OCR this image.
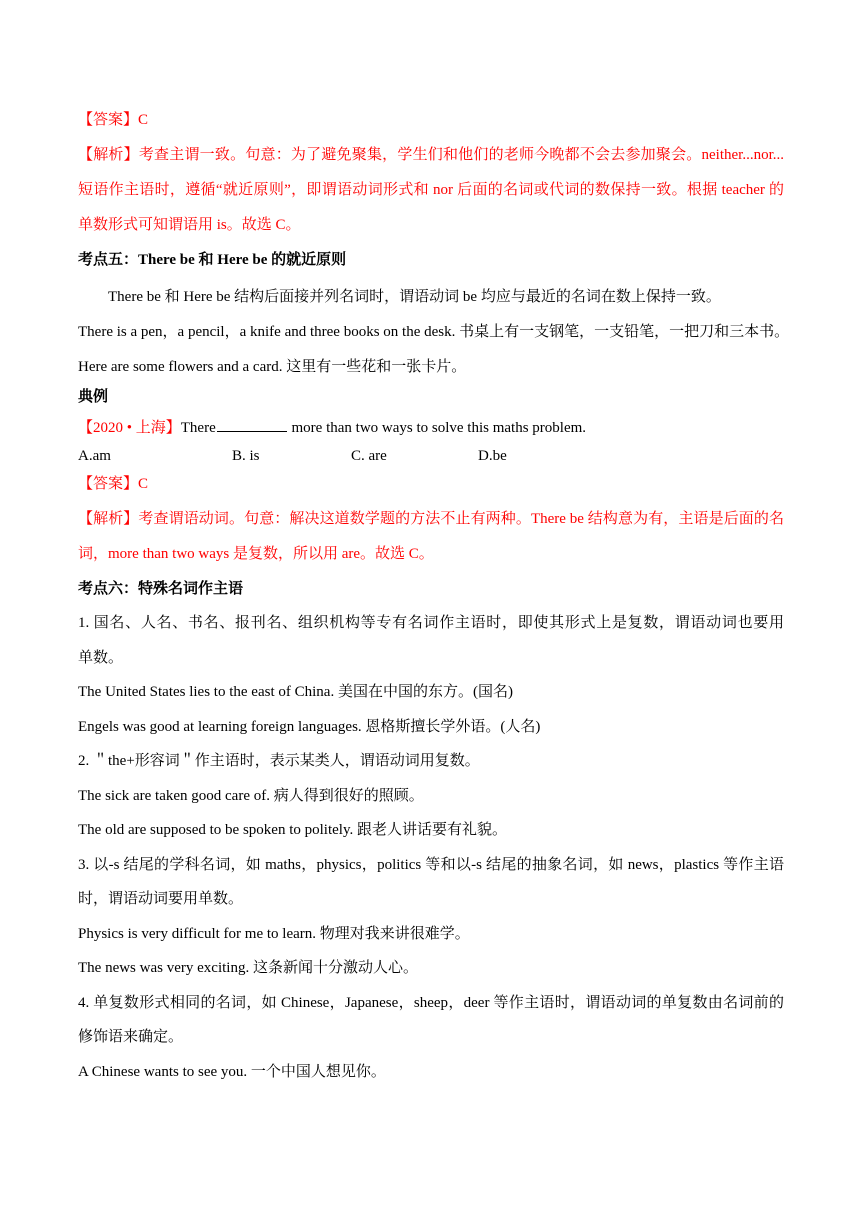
【答案】C
【解析】考查主谓一致。句意：为了避免聚集，学生们和他们的老师今晚都不会去参加聚会。neither...nor...
短语作主语时，遵循“就近原则”，即谓语动词形式和 nor 后面的名词或代词的数保持一致。根据 teacher 的
单数形式可知谓语用 is。故选 C。
考点五：There be 和 Here be 的就近原则
There be 和 Here be 结构后面接并列名词时，谓语动词 be 均应与最近的名词在数上保持一致。
There is a pen，a pencil，a knife and three books on the desk. 书桌上有一支钢笔，一支铅笔，一把刀和三本书。
Here are some flowers and a card. 这里有一些花和一张卡片。
典例
【2020 • 上海】There	more than two ways to solve this maths problem.
A.am	B. is	C. are	D.be
【答案】C
【解析】考查谓语动词。句意：解决这道数学题的方法不止有两种。There be 结构意为有，主语是后面的名
词，more than two ways 是复数，所以用 are。故选 C。
考点六：特殊名词作主语
1. 国名、人名、书名、报刊名、组织机构等专有名词作主语时，即使其形式上是复数，谓语动词也要用
单数。
The United States lies to the east of China. 美国在中国的东方。(国名)
Engels was good at learning foreign languages. 恩格斯擅长学外语。(人名)
2. ＂the+形容词＂作主语时，表示某类人，谓语动词用复数。
The sick are taken good care of. 病人得到很好的照顾。
The old are supposed to be spoken to politely. 跟老人讲话要有礼貌。
3. 以-s 结尾的学科名词，如 maths，physics，politics 等和以-s 结尾的抽象名词，如 news，plastics 等作主语
时，谓语动词要用单数。
Physics is very difficult for me to learn. 物理对我来讲很难学。
The news was very exciting. 这条新闻十分激动人心。
4. 单复数形式相同的名词，如 Chinese，Japanese，sheep，deer 等作主语时，谓语动词的单复数由名词前的
修饰语来确定。
A Chinese wants to see you. 一个中国人想见你。
